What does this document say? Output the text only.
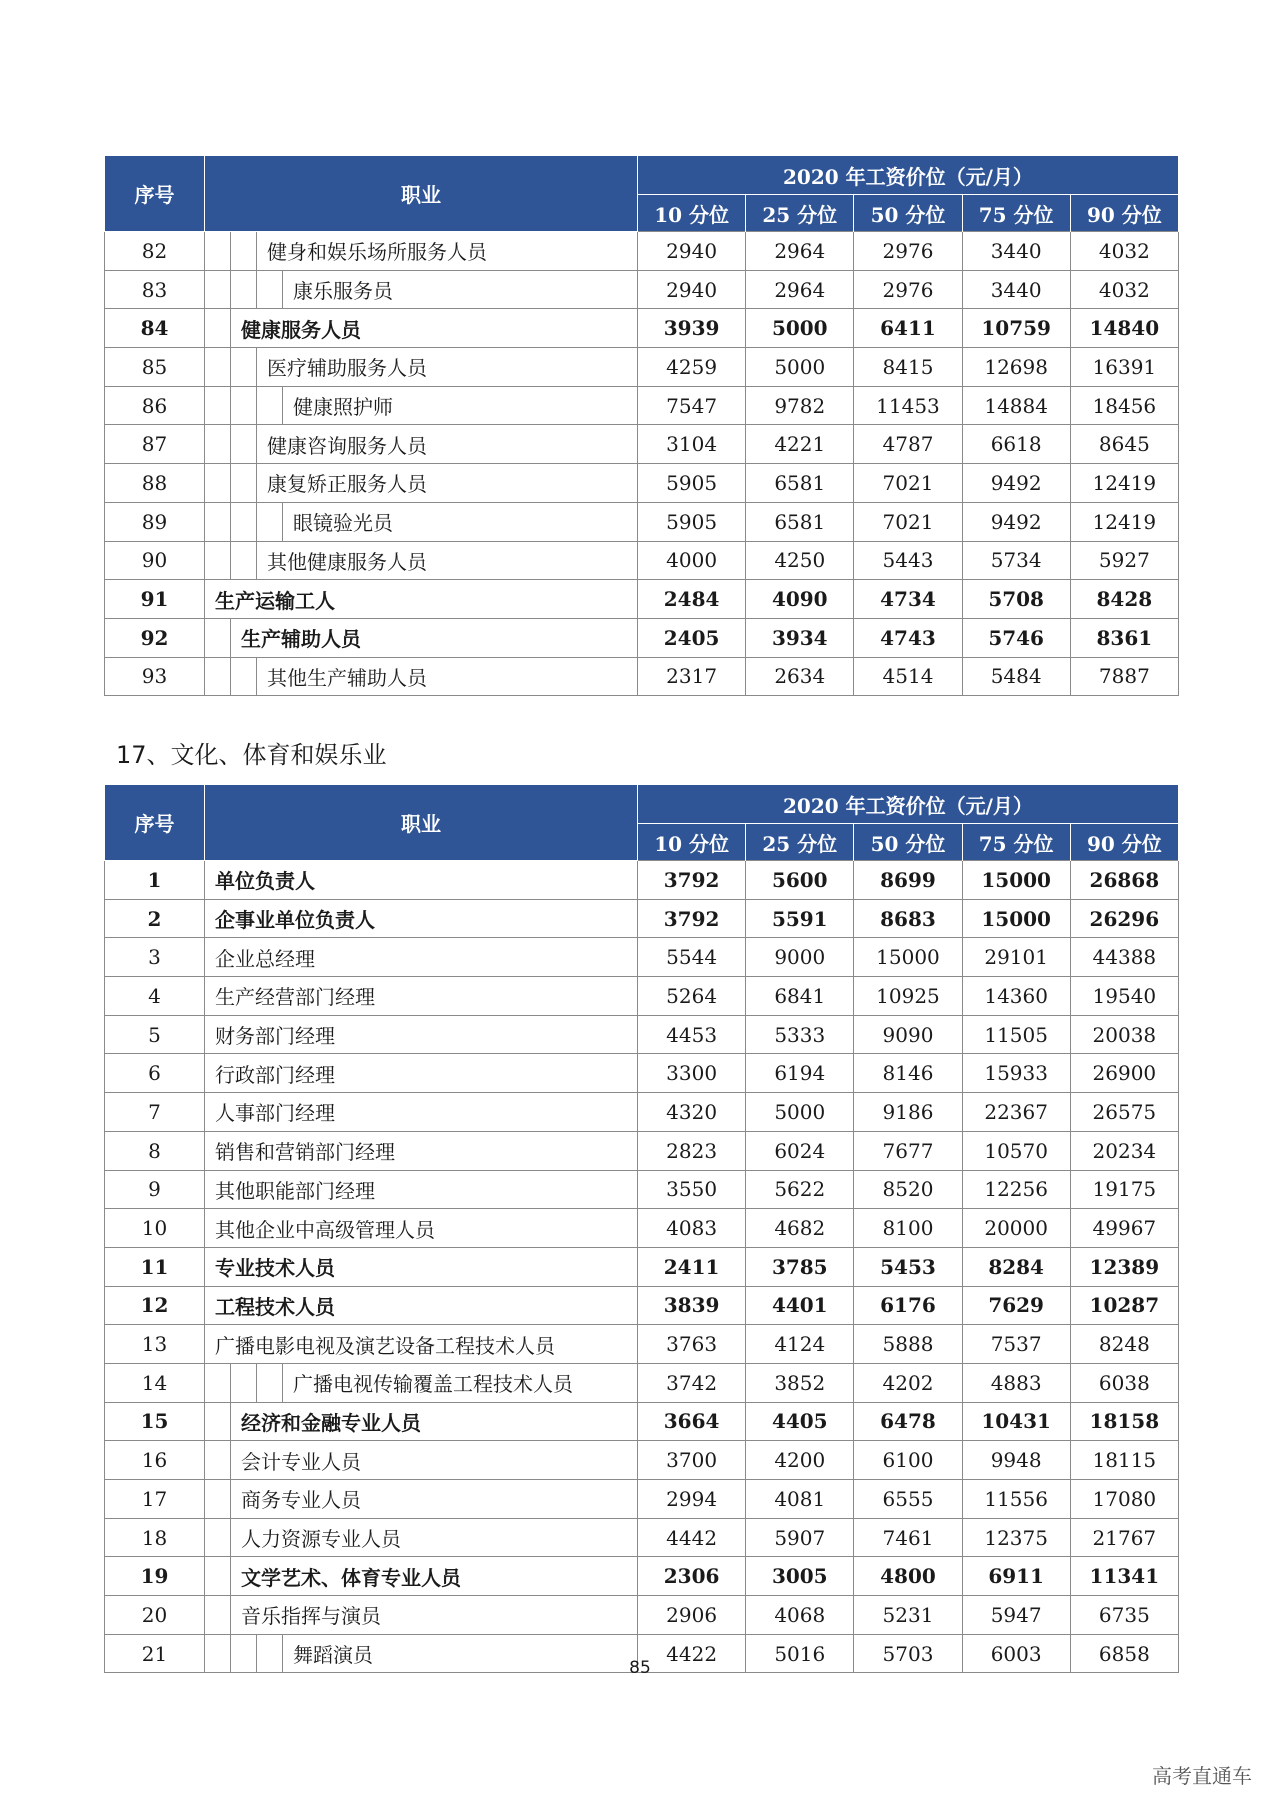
序号	职业	2020 年工资价位（元/月）				
		10 分位	25 分位	50 分位	75 分位	90 分位
82	健身和娱乐场所服务人员	2940	2964	2976	3440	4032
83	康乐服务员	2940	2964	2976	3440	4032
84	健康服务人员	3939	5000	6411	10759	14840
85	医疗辅助服务人员	4259	5000	8415	12698	16391
86	健康照护师	7547	9782	11453	14884	18456
87	健康咨询服务人员	3104	4221	4787	6618	8645
88	康复矫正服务人员	5905	6581	7021	9492	12419
89	眼镜验光员	5905	6581	7021	9492	12419
90	其他健康服务人员	4000	4250	5443	5734	5927
91	生产运输工人	2484	4090	4734	5708	8428
92	生产辅助人员	2405	3934	4743	5746	8361
93	其他生产辅助人员	2317	2634	4514	5484	7887
17、文化、体育和娱乐业
序号	职业	2020 年工资价位（元/月）				
		10 分位	25 分位	50 分位	75 分位	90 分位
1	单位负责人	3792	5600	8699	15000	26868
2	企事业单位负责人	3792	5591	8683	15000	26296
3	企业总经理	5544	9000	15000	29101	44388
4	生产经营部门经理	5264	6841	10925	14360	19540
5	财务部门经理	4453	5333	9090	11505	20038
6	行政部门经理	3300	6194	8146	15933	26900
7	人事部门经理	4320	5000	9186	22367	26575
8	销售和营销部门经理	2823	6024	7677	10570	20234
9	其他职能部门经理	3550	5622	8520	12256	19175
10	其他企业中高级管理人员	4083	4682	8100	20000	49967
11	专业技术人员	2411	3785	5453	8284	12389
12	工程技术人员	3839	4401	6176	7629	10287
13	广播电影电视及演艺设备工程技术人员	3763	4124	5888	7537	8248
14	广播电视传输覆盖工程技术人员	3742	3852	4202	4883	6038
15	经济和金融专业人员	3664	4405	6478	10431	18158
16	会计专业人员	3700	4200	6100	9948	18115
17	商务专业人员	2994	4081	6555	11556	17080
18	人力资源专业人员	4442	5907	7461	12375	21767
19	文学艺术、体育专业人员	2306	3005	4800	6911	11341
20	音乐指挥与演员	2906	4068	5231	5947	6735
21	舞蹈演员	4422	5016	5703	6003	6858
85
高考直通车
